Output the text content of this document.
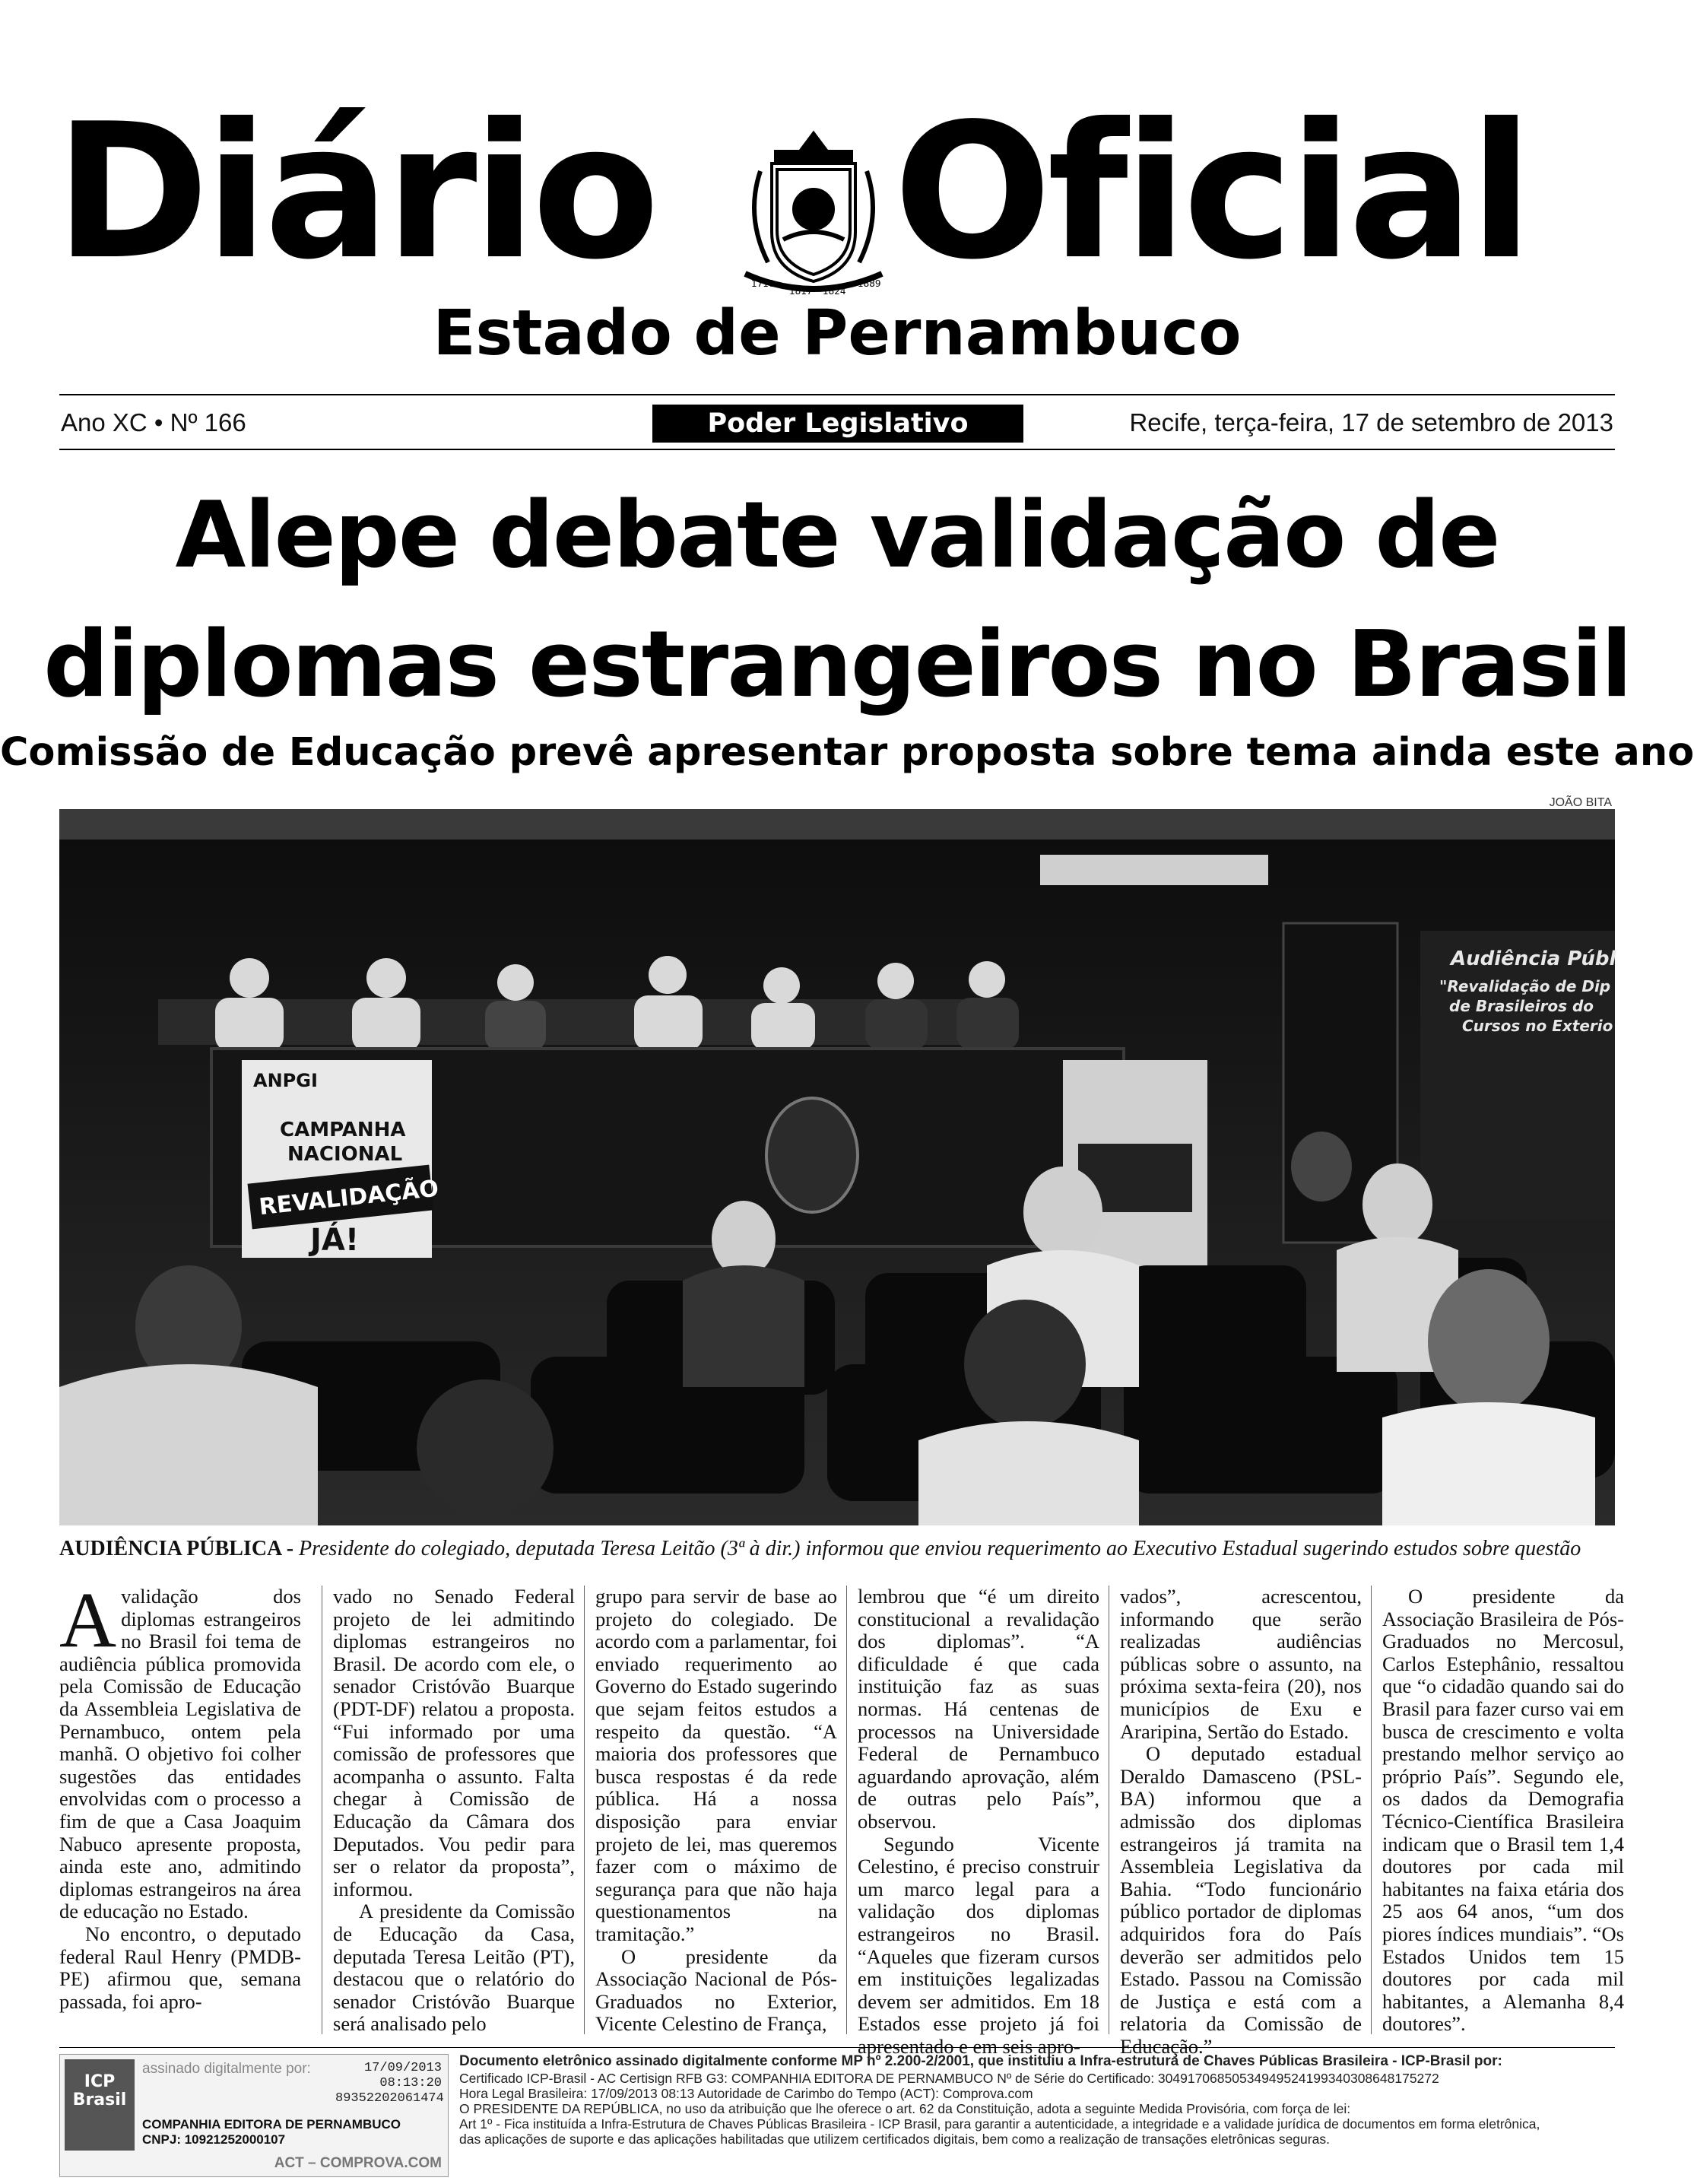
Diário	1710
1817 1824
1889 Oficial
Estado de Pernambuco
Ano XC • Nº 166	Poder Legislativo	Recife, terça-feira, 17 de setembro de 2013
Alepe debate validação de
diplomas estrangeiros no Brasil
Comissão de Educação prevê apresentar proposta sobre tema ainda este ano
JOÃO BITA
Audiência Públ
"Revalidação de Dip
de Brasileiros do
Cursos no Exterio
ANPGI
CAMPANHA
NACIONAL
REVALIDAÇÃO
JÁ!
AUDIÊNCIA PÚBLICA - Presidente do colegiado, deputada Teresa Leitão (3ª à dir.) informou que enviou requerimento ao Executivo Estadual sugerindo estudos sobre questão

Avalidação dos diplomas estrangeiros no Brasil foi tema de audiência pública promovida pela Comissão de Educação da Assembleia Legislativa de Pernambuco, ontem pela manhã. O objetivo foi colher sugestões das entidades envolvidas com o processo a fim de que a Casa Joaquim Nabuco apresente proposta, ainda este ano, admitindo diplomas estrangeiros na área de educação no Estado.

No encontro, o deputado federal Raul Henry (PMDB-PE) afirmou que, semana passada, foi apro-

vado no Senado Federal projeto de lei admitindo diplomas estrangeiros no Brasil. De acordo com ele, o senador Cristóvão Buarque (PDT-DF) relatou a proposta. “Fui informado por uma comissão de professores que acompanha o assunto. Falta chegar à Comissão de Educação da Câmara dos Deputados. Vou pedir para ser o relator da proposta”, informou.

A presidente da Comissão de Educação da Casa, deputada Teresa Leitão (PT), destacou que o relatório do senador Cristóvão Buarque será analisado pelo

grupo para servir de base ao projeto do colegiado. De acordo com a parlamentar, foi enviado requerimento ao Governo do Estado sugerindo que sejam feitos estudos a respeito da questão. “A maioria dos professores que busca respostas é da rede pública. Há a nossa disposição para enviar projeto de lei, mas queremos fazer com o máximo de segurança para que não haja questionamentos na tramitação.”

O presidente da Associação Nacional de Pós-Graduados no Exterior, Vicente Celestino de França,

lembrou que “é um direito constitucional a revalidação dos diplomas”. “A dificuldade é que cada instituição faz as suas normas. Há centenas de processos na Universidade Federal de Pernambuco aguardando aprovação, além de outras pelo País”, observou.

Segundo Vicente Celestino, é preciso construir um marco legal para a validação dos diplomas estrangeiros no Brasil. “Aqueles que fizeram cursos em instituições legalizadas devem ser admitidos. Em 18 Estados esse projeto já foi apresentado e em seis apro-

vados”, acrescentou, informando que serão realizadas audiências públicas sobre o assunto, na próxima sexta-feira (20), nos municípios de Exu e Araripina, Sertão do Estado.

O deputado estadual Deraldo Damasceno (PSL-BA) informou que a admissão dos diplomas estrangeiros já tramita na Assembleia Legislativa da Bahia. “Todo funcionário público portador de diplomas adquiridos fora do País deverão ser admitidos pelo Estado. Passou na Comissão de Justiça e está com a relatoria da Comissão de Educação.”

O presidente da Associação Brasileira de Pós-Graduados no Mercosul, Carlos Estephânio, ressaltou que “o cidadão quando sai do Brasil para fazer curso vai em busca de crescimento e volta prestando melhor serviço ao próprio País”. Segundo ele, os dados da Demografia Técnico-Científica Brasileira indicam que o Brasil tem 1,4 doutores por cada mil habitantes na faixa etária dos 25 aos 64 anos, “um dos piores índices mundiais”. “Os Estados Unidos tem 15 doutores por cada mil habitantes, a Alemanha 8,4 doutores”.

ICP Brasil
assinado digitalmente por:	17/09/2013
08:13:20
89352202061474
COMPANHIA EDITORA DE PERNAMBUCO
CNPJ: 10921252000107
ACT – COMPROVA.COM
Documento eletrônico assinado digitalmente conforme MP nº 2.200-2/2001, que instituiu a Infra-estrutura de Chaves Públicas Brasileira - ICP-Brasil por:
Certificado ICP-Brasil - AC Certisign RFB G3: COMPANHIA EDITORA DE PERNAMBUCO Nº de Série do Certificado: 3049170685053494952419934030864817527​2
Hora Legal Brasileira: 17/09/2013 08:13 Autoridade de Carimbo do Tempo (ACT): Comprova.com
O PRESIDENTE DA REPÚBLICA, no uso da atribuição que lhe oferece o art. 62 da Constituição, adota a seguinte Medida Provisória, com força de lei:
Art 1º - Fica instituída a Infra-Estrutura de Chaves Públicas Brasileira - ICP Brasil, para garantir a autenticidade, a integridade e a validade jurídica de documentos em forma eletrônica,
das aplicações de suporte e das aplicações habilitadas que utilizem certificados digitais, bem como a realização de transações eletrônicas seguras.
